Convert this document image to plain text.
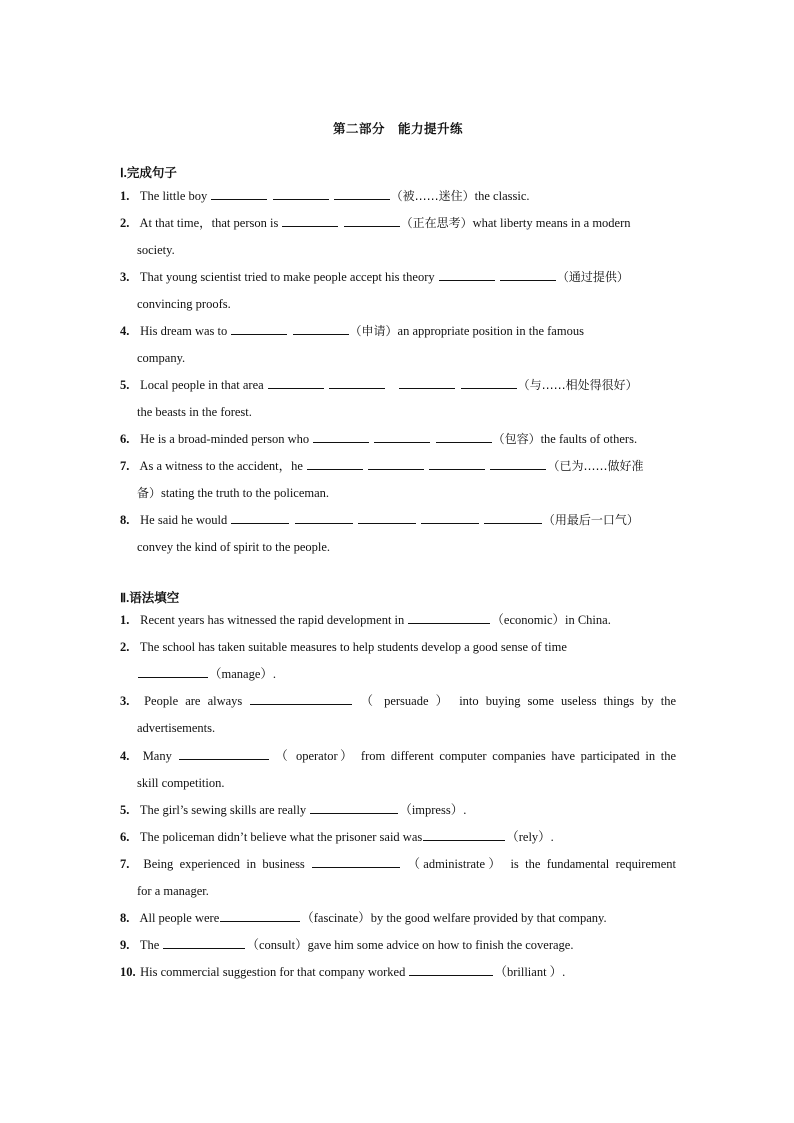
第二部分　能力提升练
Ⅰ.完成句子
1. The little boy	（被……迷住）the classic.
2. At that time，that person is	（正在思考）what liberty means in a modern
society.
3. That young scientist tried to make people accept his theory	（通过提供）
convincing proofs.
4. His dream was to	（申请）an appropriate position in the famous
company.
5. Local people in that area	（与……相处得很好）
the beasts in the forest.
6. He is a broad-minded person who	（包容）the faults of others.
7. As a witness to the accident，he	（已为……做好准
备）stating the truth to the policeman.
8. He said he would	（用最后一口气）
convey the kind of spirit to the people.
Ⅱ.语法填空
1. Recent years has witnessed the rapid development in	（economic）in China.
2. The school has taken suitable measures to help students develop a good sense of time
（manage）.
3. People are always	（ persuade ） into buying some useless things by the
advertisements.
4. Many	（ operator） from different computer companies have participated in the
skill competition.
5. The girl’s sewing skills are really	（impress）.
6. The policeman didn’t believe what the prisoner said was	（rely）.
7. Being experienced in business	（administrate） is the fundamental requirement
for a manager.
8. All people were	（fascinate）by the good welfare provided by that company.
9. The	（consult）gave him some advice on how to finish the coverage.
10. His commercial suggestion for that company worked	（brilliant ）.
